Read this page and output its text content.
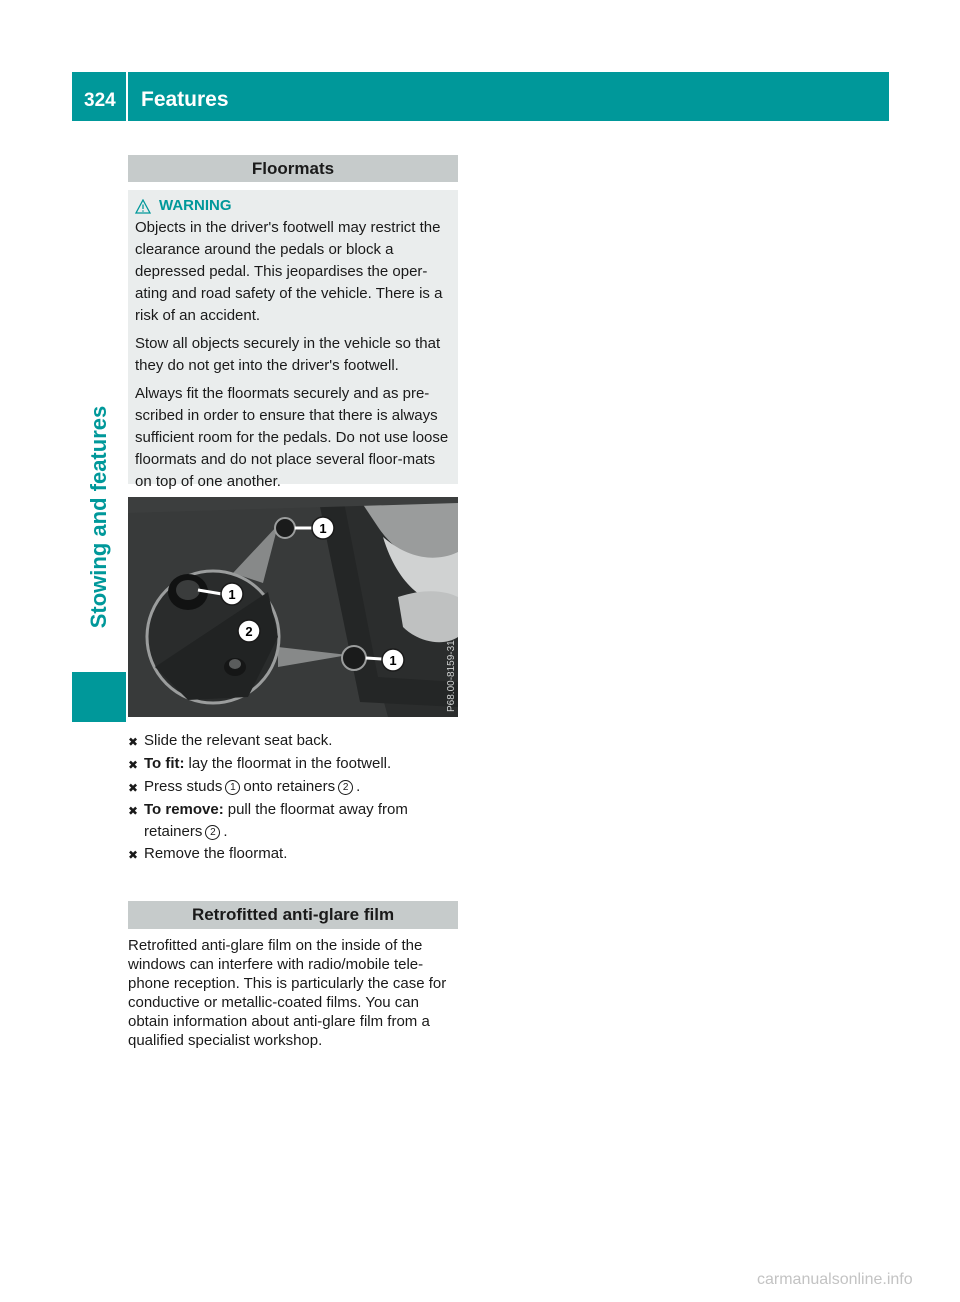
324 Features
Stowing and features
Floormats
WARNING

Objects in the driver's footwell may restrict the clearance around the pedals or block a depressed pedal. This jeopardises the oper-ating and road safety of the vehicle. There is a risk of an accident.

Stow all objects securely in the vehicle so that they do not get into the driver's footwell.

Always fit the floormats securely and as pre-scribed in order to ensure that there is always sufficient room for the pedals. Do not use loose floormats and do not place several floor-mats on top of one another.

1
1
1
2
P68.00-8159-31
✖ Slide the relevant seat back.
✖ To fit: lay the floormat in the footwell.
✖ Press studs 1 onto retainers 2 .
✖ To remove: pull the floormat away from retainers 2 .
✖ Remove the floormat.
Retrofitted anti-glare film

Retrofitted anti-glare film on the inside of the windows can interfere with radio/mobile tele-phone reception. This is particularly the case for conductive or metallic-coated films. You can obtain information about anti-glare film from a qualified specialist workshop.

carmanualsonline.info
